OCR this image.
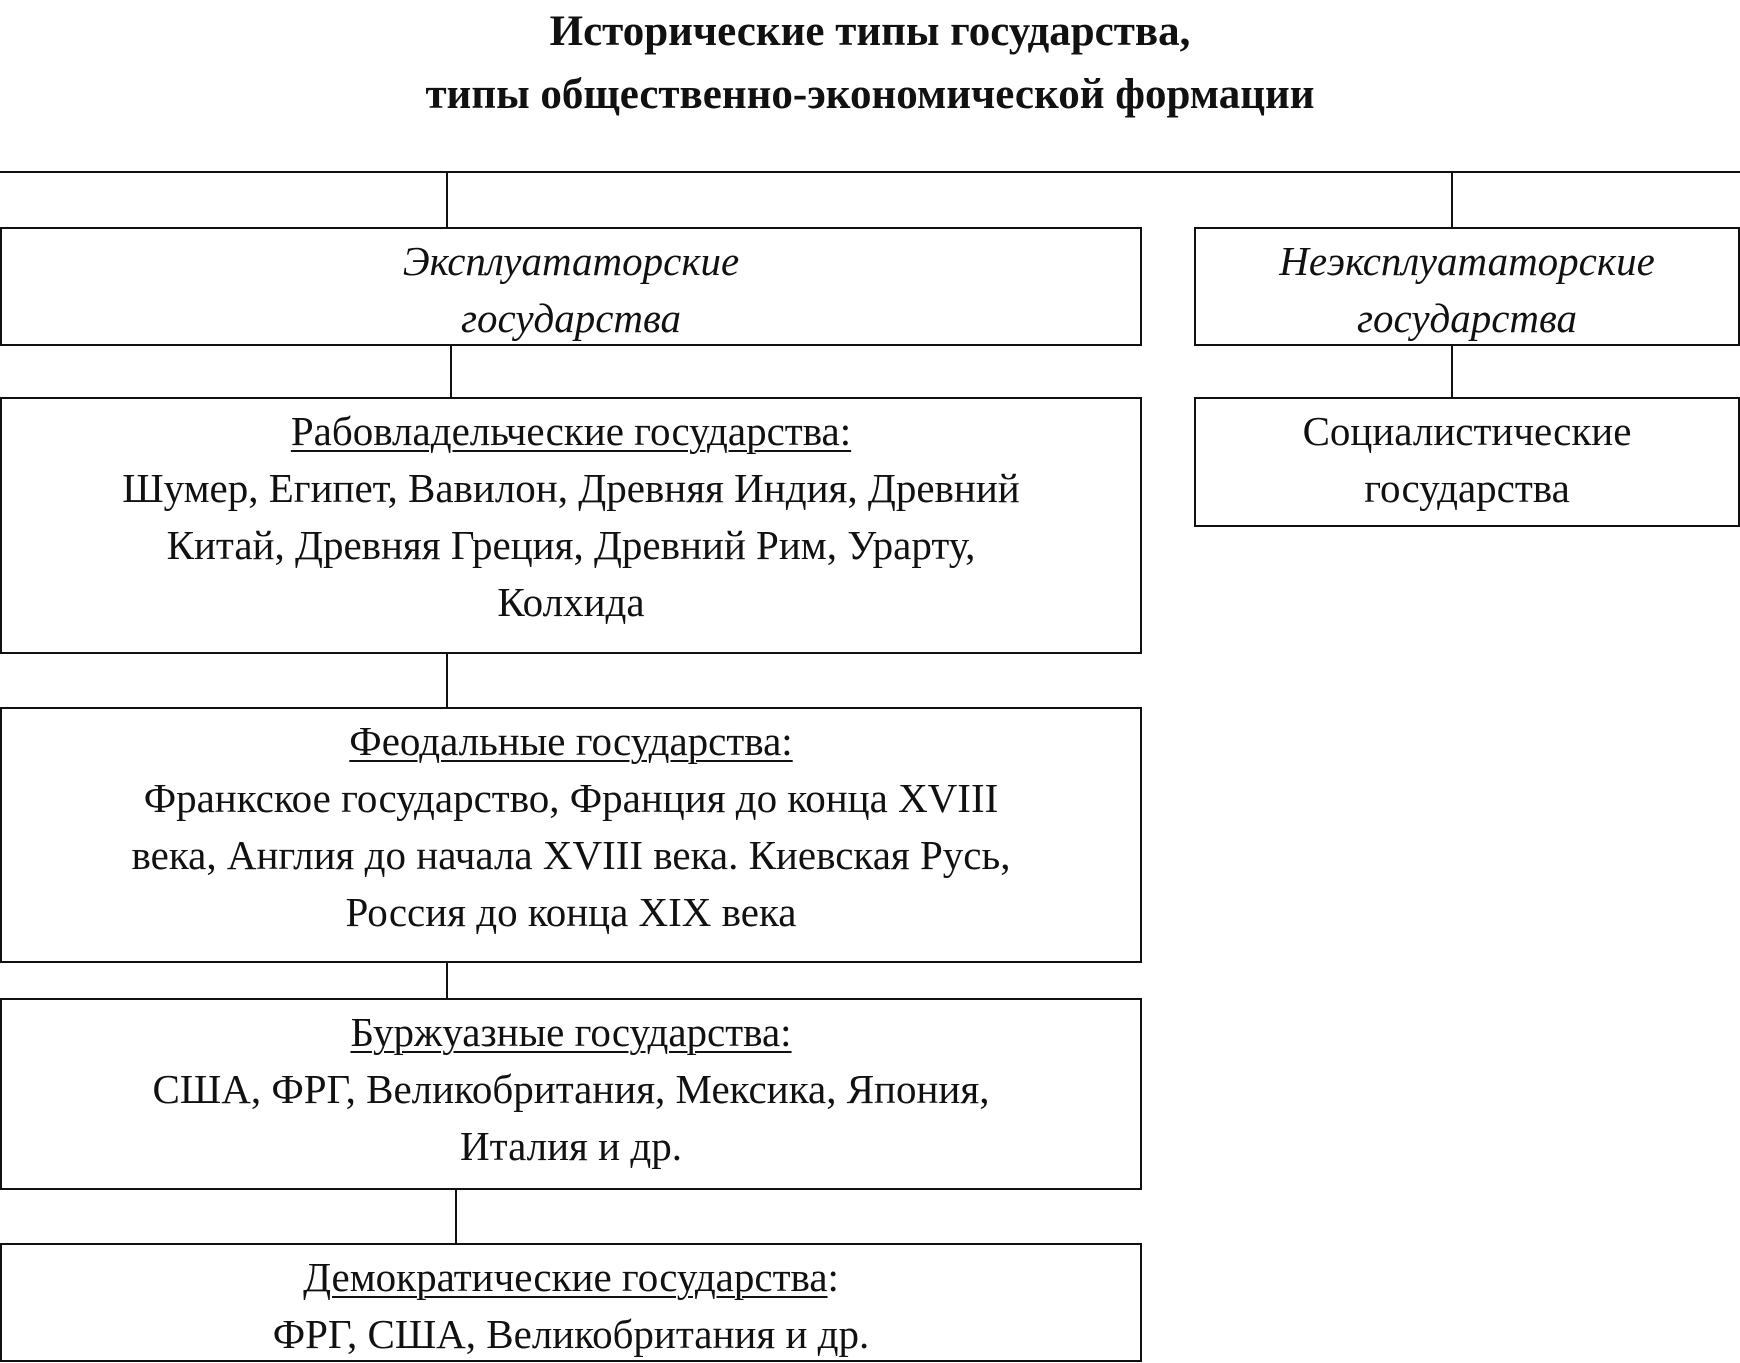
Исторические типы государства,
типы общественно-экономической формации
Эксплуататорские
государства
Неэксплуататорские
государства
Рабовладельческие государства:
Шумер, Египет, Вавилон, Древняя Индия, Древний
Китай, Древняя Греция, Древний Рим, Урарту,
Колхида
Социалистические
государства
Феодальные государства:
Франкское государство, Франция до конца XVIII
века, Англия до начала XVIII века. Киевская Русь,
Россия до конца XIX века
Буржуазные государства:
США, ФРГ, Великобритания, Мексика, Япония,
Италия и др.
Демократические государства:
ФРГ, США, Великобритания и др.
